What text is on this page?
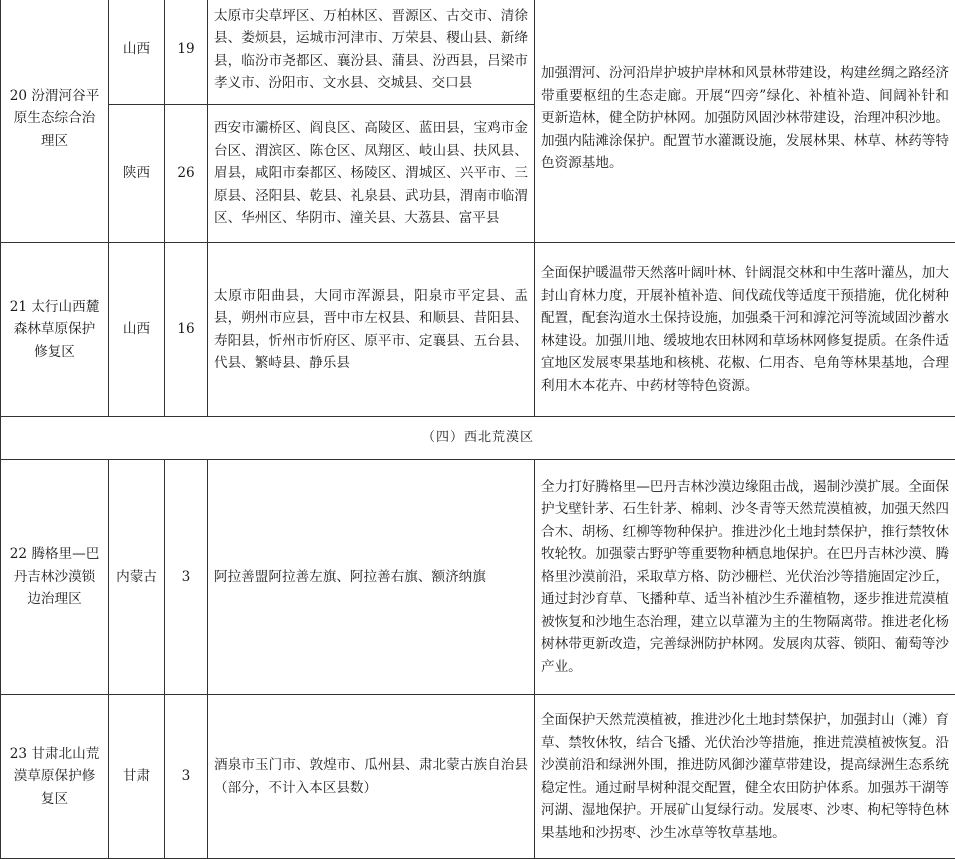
20 汾渭河谷平原生态综合治理区	山西	19	太原市尖草坪区、万柏林区、晋源区、古交市、清徐县、娄烦县，运城市河津市、万荣县、稷山县、新绛县，临汾市尧都区、襄汾县、蒲县、汾西县，吕梁市孝义市、汾阳市、文水县、交城县、交口县	加强渭河、汾河沿岸护坡护岸林和风景林带建设，构建丝绸之路经济带重要枢纽的生态走廊。开展“四旁”绿化、补植补造、间阔补针和更新造林，健全防护林网。加强防风固沙林带建设，治理冲积沙地。加强内陆滩涂保护。配置节水灌溉设施，发展林果、林草、林药等特色资源基地。
	陕西	26	西安市灞桥区、阎良区、高陵区、蓝田县，宝鸡市金台区、渭滨区、陈仓区、凤翔区、岐山县、扶风县、眉县，咸阳市秦都区、杨陵区、渭城区、兴平市、三原县、泾阳县、乾县、礼泉县、武功县，渭南市临渭区、华州区、华阴市、潼关县、大荔县、富平县	
21 太行山西麓森林草原保护修复区	山西	16	太原市阳曲县，大同市浑源县，阳泉市平定县、盂县，朔州市应县，晋中市左权县、和顺县、昔阳县、寿阳县，忻州市忻府区、原平市、定襄县、五台县、代县、繁峙县、静乐县	全面保护暖温带天然落叶阔叶林、针阔混交林和中生落叶灌丛，加大封山育林力度，开展补植补造、间伐疏伐等适度干预措施，优化树种配置，配套沟道水土保持设施，加强桑干河和滹沱河等流域固沙蓄水林建设。加强川地、缓坡地农田林网和草场林网修复提质。在条件适宜地区发展枣果基地和核桃、花椒、仁用杏、皂角等林果基地，合理利用木本花卉、中药材等特色资源。
（四）西北荒漠区				
22 腾格里—巴丹吉林沙漠锁边治理区	内蒙古	3	阿拉善盟阿拉善左旗、阿拉善右旗、额济纳旗	全力打好腾格里—巴丹吉林沙漠边缘阻击战，遏制沙漠扩展。全面保护戈壁针茅、石生针茅、棉刺、沙冬青等天然荒漠植被，加强天然四合木、胡杨、红柳等物种保护。推进沙化土地封禁保护，推行禁牧休牧轮牧。加强蒙古野驴等重要物种栖息地保护。在巴丹吉林沙漠、腾格里沙漠前沿，采取草方格、防沙栅栏、光伏治沙等措施固定沙丘，通过封沙育草、飞播种草、适当补植沙生乔灌植物，逐步推进荒漠植被恢复和沙地生态治理，建立以草灌为主的生物隔离带。推进老化杨树林带更新改造，完善绿洲防护林网。发展肉苁蓉、锁阳、葡萄等沙产业。
23 甘肃北山荒漠草原保护修复区	甘肃	3	酒泉市玉门市、敦煌市、瓜州县、肃北蒙古族自治县（部分，不计入本区县数）	全面保护天然荒漠植被，推进沙化土地封禁保护，加强封山（滩）育草、禁牧休牧，结合飞播、光伏治沙等措施，推进荒漠植被恢复。沿沙漠前沿和绿洲外围，推进防风御沙灌草带建设，提高绿洲生态系统稳定性。通过耐旱树种混交配置，健全农田防护体系。加强苏干湖等河湖、湿地保护。开展矿山复绿行动。发展枣、沙枣、枸杞等特色林果基地和沙拐枣、沙生冰草等牧草基地。
